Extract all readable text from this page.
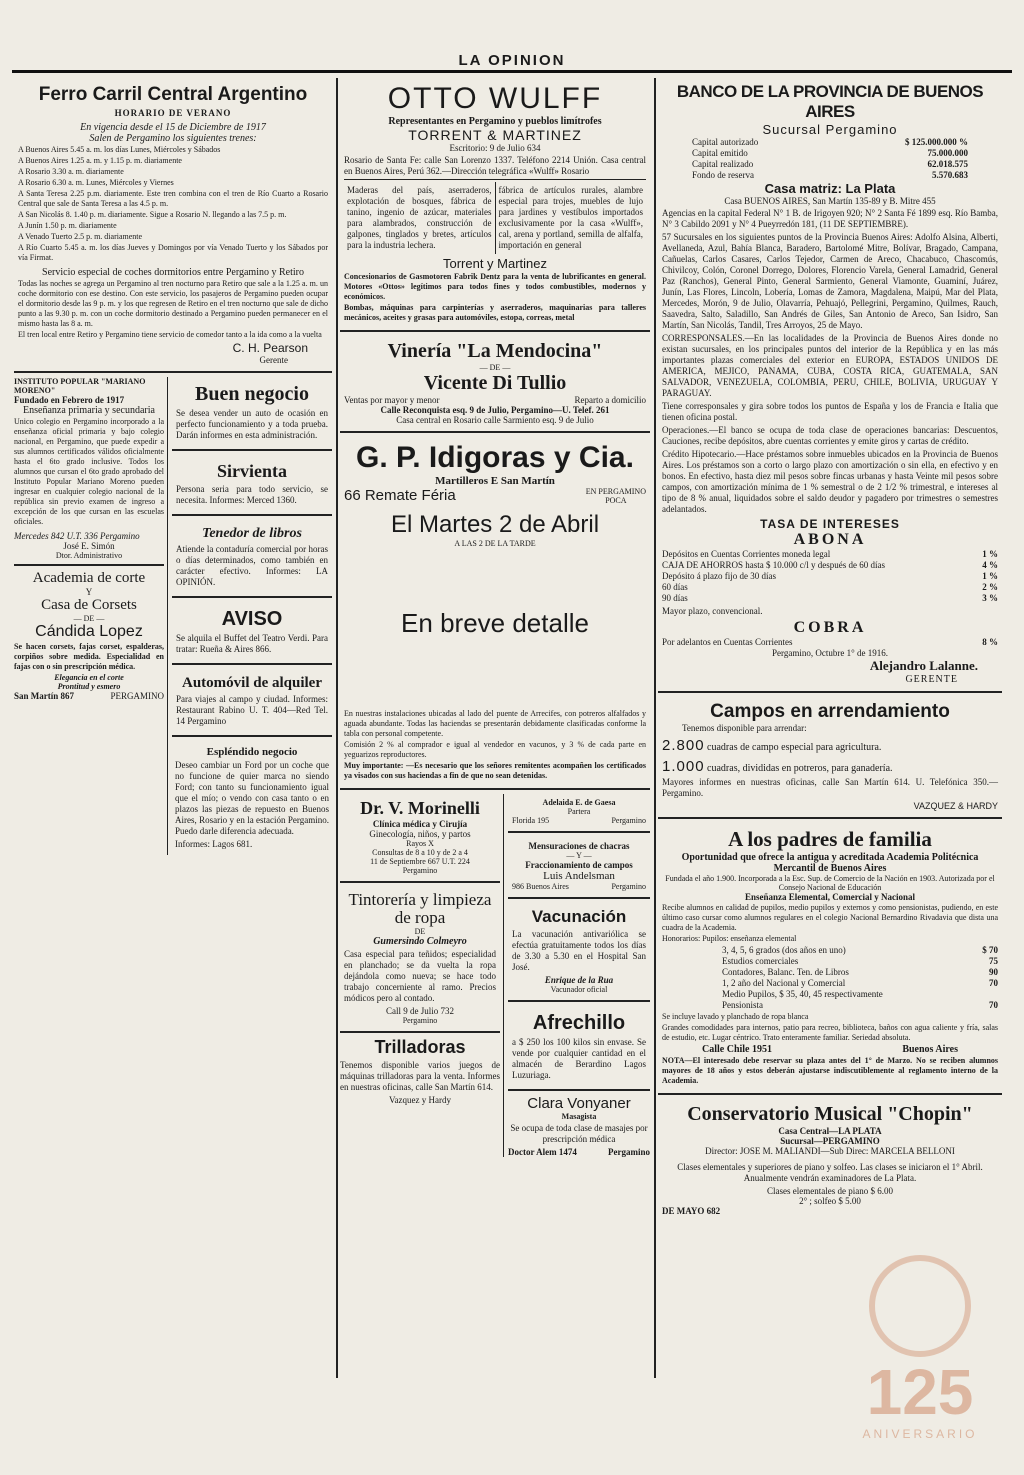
LA OPINION
Ferro Carril Central Argentino
HORARIO DE VERANO
En vigencia desde el 15 de Diciembre de 1917
Salen de Pergamino los siguientes trenes:
A Buenos Aires 5.45 a. m. los días Lunes, Miércoles y Sábados
A Buenos Aires 1.25 a. m. y 1.15 p. m. diariamente
A Rosario 3.30 a. m. diariamente
A Rosario 6.30 a. m. Lunes, Miércoles y Viernes
A Santa Teresa 2.25 p.m. diariamente. Este tren combina con el tren de Río Cuarto a Rosario Central que sale de Santa Teresa a las 4.5 p. m.
A San Nicolás 8. 1.40 p. m. diariamente. Sigue a Rosario N. llegando a las 7.5 p. m.
A Junín 1.50 p. m. diariamente
A Venado Tuerto 2.5 p. m. diariamente
A Río Cuarto 5.45 a. m. los días Jueves y Domingos por vía Venado Tuerto y los Sábados por vía Firmat.
Servicio especial de coches dormitorios entre Pergamino y Retiro
Todas las noches se agrega un Pergamino al tren nocturno para Retiro que sale a la 1.25 a. m. un coche dormitorio con ese destino. Con este servicio, los pasajeros de Pergamino pueden ocupar el dormitorio desde las 9 p. m. y los que regresen de Retiro en el tren nocturno que sale de dicho punto a las 9.30 p. m. con un coche dormitorio destinado a Pergamino pueden permanecer en el mismo hasta las 8 a. m.
El tren local entre Retiro y Pergamino tiene servicio de comedor tanto a la ida como a la vuelta
C. H. Pearson
Gerente
INSTITUTO POPULAR "MARIANO MORENO"
Fundado en Febrero de 1917
Enseñanza primaria y secundaria
Unico colegio en Pergamino incorporado a la enseñanza oficial primaria y bajo colegio nacional, en Pergamino, que puede expedir a sus alumnos certificados válidos oficialmente hasta el 6to grado inclusive. Todos los alumnos que cursan el 6to grado aprobado del Instituto Popular Mariano Moreno pueden ingresar en cualquier colegio nacional de la república sin previo examen de ingreso a excepción de los que cursan en las escuelas oficiales.
Mercedes 842 U.T. 336 Pergamino
José E. Simón
Dtor. Administrativo
Academia de corte
Y
Casa de Corsets
— DE —
Cándida Lopez
Se hacen corsets, fajas corset, espalderas, corpiños sobre medida. Especialidad en fajas con o sin prescripción médica.
Elegancia en el corte
Prontitud y esmero
San Martín 867	PERGAMINO
Buen negocio
Se desea vender un auto de ocasión en perfecto funcionamiento y a toda prueba. Darán informes en esta administración.
Sirvienta
Persona seria para todo servicio, se necesita. Informes: Merced 1360.
Tenedor de libros
Atiende la contaduría comercial por horas o días determinados, como también en carácter efectivo. Informes: LA OPINIÓN.
AVISO
Se alquila el Buffet del Teatro Verdi. Para tratar: Rueña & Aires 866.
Automóvil de alquiler
Para viajes al campo y ciudad. Informes: Restaurant Rabino U. T. 404—Red Tel. 14 Pergamino
Espléndido negocio
Deseo cambiar un Ford por un coche que no funcione de quier marca no siendo Ford; con tanto su funcionamiento igual que el mío; o vendo con casa tanto o en plazos las piezas de repuesto en Buenos Aires, Rosario y en la estación Pergamino. Puedo darle diferencia adecuada.
Informes: Lagos 681.
OTTO WULFF
Representantes en Pergamino y pueblos limítrofes
TORRENT & MARTINEZ
Escritorio: 9 de Julio 634
Rosario de Santa Fe: calle San Lorenzo 1337. Teléfono 2214 Unión. Casa central en Buenos Aires, Perú 362.—Dirección telegráfica «Wulff» Rosario
Maderas del país, aserraderos, explotación de bosques, fábrica de tanino, ingenio de azúcar, materiales para alambrados, construcción de galpones, tinglados y bretes, artículos para la industria lechera.
fábrica de artículos rurales, alambre especial para trojes, muebles de lujo para jardines y vestíbulos importados exclusivamente por la casa «Wulff», cal, arena y portland, semilla de alfalfa, importación en general
Torrent y Martinez
Concesionarios de Gasmotoren Fabrik Dentz para la venta de lubrificantes en general. Motores «Ottos» legítimos para todos fines y todos combustibles, modernos y económicos.
Bombas, máquinas para carpinterías y aserraderos, maquinarias para talleres mecánicos, aceites y grasas para automóviles, estopa, correas, metal
Vinería "La Mendocina"
— DE —
Vicente Di Tullio
Ventas por mayor y menor	Reparto a domicilio
Calle Reconquista esq. 9 de Julio, Pergamino—U. Telef. 261
Casa central en Rosario calle Sarmiento esq. 9 de Julio
G. P. Idigoras y Cia.
Martilleros E San Martín
66 Remate Féria	EN PERGAMINO
POCA
El Martes 2 de Abril
A LAS 2 DE LA TARDE
En breve detalle
En nuestras instalaciones ubicadas al lado del puente de Arrecifes, con potreros alfalfados y aguada abundante. Todas las haciendas se presentarán debidamente clasificadas conforme la tabla con personal competente.
Comisión 2 % al comprador e igual al vendedor en vacunos, y 3 % de cada parte en yeguarizos reproductores.
Muy importante: —Es necesario que los señores remitentes acompañen los certificados ya visados con sus haciendas a fin de que no sean detenidas.
Dr. V. Morinelli
Clínica médica y Cirujía
Ginecología, niños, y partos
Rayos X
Consultas de 8 a 10 y de 2 a 4
11 de Septiembre 667 U.T. 224
Pergamino
Tintorería y limpieza de ropa
DE
Gumersindo Colmeyro
Casa especial para teñidos; especialidad en planchado; se da vuelta la ropa dejándola como nueva; se hace todo trabajo concerniente al ramo. Precios módicos pero al contado.
Call 9 de Julio 732
Pergamino
Trilladoras
Tenemos disponible varios juegos de máquinas trilladoras para la venta. Informes en nuestras oficinas, calle San Martín 614.
Vazquez y Hardy
Adelaida E. de Gaesa
Partera
Florida 195	Pergamino
Mensuraciones de chacras
— Y —
Fraccionamiento de campos
Luis Andelsman
986 Buenos Aires	Pergamino
Vacunación
La vacunación antivariólica se efectúa gratuitamente todos los días de 3.30 a 5.30 en el Hospital San José.
Enrique de la Rua
Vacunador oficial
Afrechillo
a $ 250 los 100 kilos sin envase. Se vende por cualquier cantidad en el almacén de Berardino Lagos Luzuriaga.
Clara Vonyaner
Masagista
Se ocupa de toda clase de masajes por prescripción médica
Doctor Alem 1474	Pergamino
BANCO DE LA PROVINCIA DE BUENOS AIRES
Sucursal Pergamino
Capital autorizado	$ 125.000.000 %
Capital emitido	75.000.000
Capital realizado	62.018.575
Fondo de reserva	5.570.683
Casa matriz: La Plata
Casa BUENOS AIRES, San Martín 135-89 y B. Mitre 455
Agencias en la capital Federal N° 1 B. de Irigoyen 920; N° 2 Santa Fé 1899 esq. Río Bamba, N° 3 Cabildo 2091 y N° 4 Pueyrredón 181, (11 DE SEPTIEMBRE).
57 Sucursales en los siguientes puntos de la Provincia Buenos Aires: Adolfo Alsina, Alberti, Avellaneda, Azul, Bahía Blanca, Baradero, Bartolomé Mitre, Bolívar, Bragado, Campana, Cañuelas, Carlos Casares, Carlos Tejedor, Carmen de Areco, Chacabuco, Chascomús, Chivilcoy, Colón, Coronel Dorrego, Dolores, Florencio Varela, General Lamadrid, General Paz (Ranchos), General Pinto, General Sarmiento, General Viamonte, Guaminí, Juárez, Junín, Las Flores, Lincoln, Lobería, Lomas de Zamora, Magdalena, Maipú, Mar del Plata, Mercedes, Morón, 9 de Julio, Olavarría, Pehuajó, Pellegrini, Pergamino, Quilmes, Rauch, Saavedra, Salto, Saladillo, San Andrés de Giles, San Antonio de Areco, San Isidro, San Martín, San Nicolás, Tandil, Tres Arroyos, 25 de Mayo.
CORRESPONSALES.—En las localidades de la Provincia de Buenos Aires donde no existan sucursales, en los principales puntos del interior de la República y en las más importantes plazas comerciales del exterior en EUROPA, ESTADOS UNIDOS DE AMERICA, MEJICO, PANAMA, CUBA, COSTA RICA, GUATEMALA, SAN SALVADOR, VENEZUELA, COLOMBIA, PERU, CHILE, BOLIVIA, URUGUAY Y PARAGUAY.
Tiene corresponsales y gira sobre todos los puntos de España y los de Francia e Italia que tienen oficina postal.
Operaciones.—El banco se ocupa de toda clase de operaciones bancarias: Descuentos, Cauciones, recibe depósitos, abre cuentas corrientes y emite giros y cartas de crédito.
Crédito Hipotecario.—Hace préstamos sobre inmuebles ubicados en la Provincia de Buenos Aires. Los préstamos son a corto o largo plazo con amortización o sin ella, en efectivo y en bonos. En efectivo, hasta diez mil pesos sobre fincas urbanas y hasta Veinte mil pesos sobre campos, con amortización mínima de 1 % semestral o de 2 1/2 % trimestral, e intereses al tipo de 8 % anual, liquidados sobre el saldo deudor y pagadero por trimestres o semestres adelantados.
TASA DE INTERESES
ABONA
Depósitos en Cuentas Corrientes moneda legal	1 %
CAJA DE AHORROS hasta $ 10.000 c/l y después de 60 días	4 %
Depósito á plazo fijo de 30 días	1 %
60 días	2 %
90 días	3 %
Mayor plazo, convencional.
COBRA
Por adelantos en Cuentas Corrientes	8 %
Pergamino, Octubre 1° de 1916.
Alejandro Lalanne.
GERENTE
Campos en arrendamiento
Tenemos disponible para arrendar:
2.800 cuadras de campo especial para agricultura.
1.000 cuadras, divididas en potreros, para ganadería.
Mayores informes en nuestras oficinas, calle San Martín 614. U. Telefónica 350.—Pergamino.
VAZQUEZ & HARDY
A los padres de familia
Oportunidad que ofrece la antigua y acreditada Academia Politécnica Mercantil de Buenos Aires
Fundada el año 1.900. Incorporada a la Esc. Sup. de Comercio de la Nación en 1903. Autorizada por el Consejo Nacional de Educación
Enseñanza Elemental, Comercial y Nacional
Recibe alumnos en calidad de pupilos, medio pupilos y externos y como pensionistas, pudiendo, en este último caso cursar como alumnos regulares en el colegio Nacional Bernardino Rivadavia que dista una cuadra de la Academia.
Honorarios: Pupilos: enseñanza elemental
3, 4, 5, 6 grados (dos años en uno)	$ 70
Estudios comerciales	75
Contadores, Balanc. Ten. de Libros	90
1, 2 año del Nacional y Comercial	70
Medio Pupilos, $ 35, 40, 45 respectivamente
Pensionista	70
Se incluye lavado y planchado de ropa blanca
Grandes comodidades para internos, patio para recreo, biblioteca, baños con agua caliente y fría, salas de estudio, etc. Lugar céntrico. Trato enteramente familiar. Seriedad absoluta.
Calle Chile 1951	Buenos Aires
NOTA—El interesado debe reservar su plaza antes del 1° de Marzo. No se reciben alumnos mayores de 18 años y estos deberán ajustarse indiscutiblemente al reglamento interno de la Academia.
Conservatorio Musical "Chopin"
Casa Central—LA PLATA
Sucursal—PERGAMINO
Director: JOSE M. MALIANDI—Sub Direc: MARCELA BELLONI
Clases elementales y superiores de piano y solfeo. Las clases se iniciaron el 1° Abril. Anualmente vendrán examinadores de La Plata.
Clases elementales de piano $ 6.00
2° ; solfeo $ 5.00
DE MAYO 682
125
ANIVERSARIO
